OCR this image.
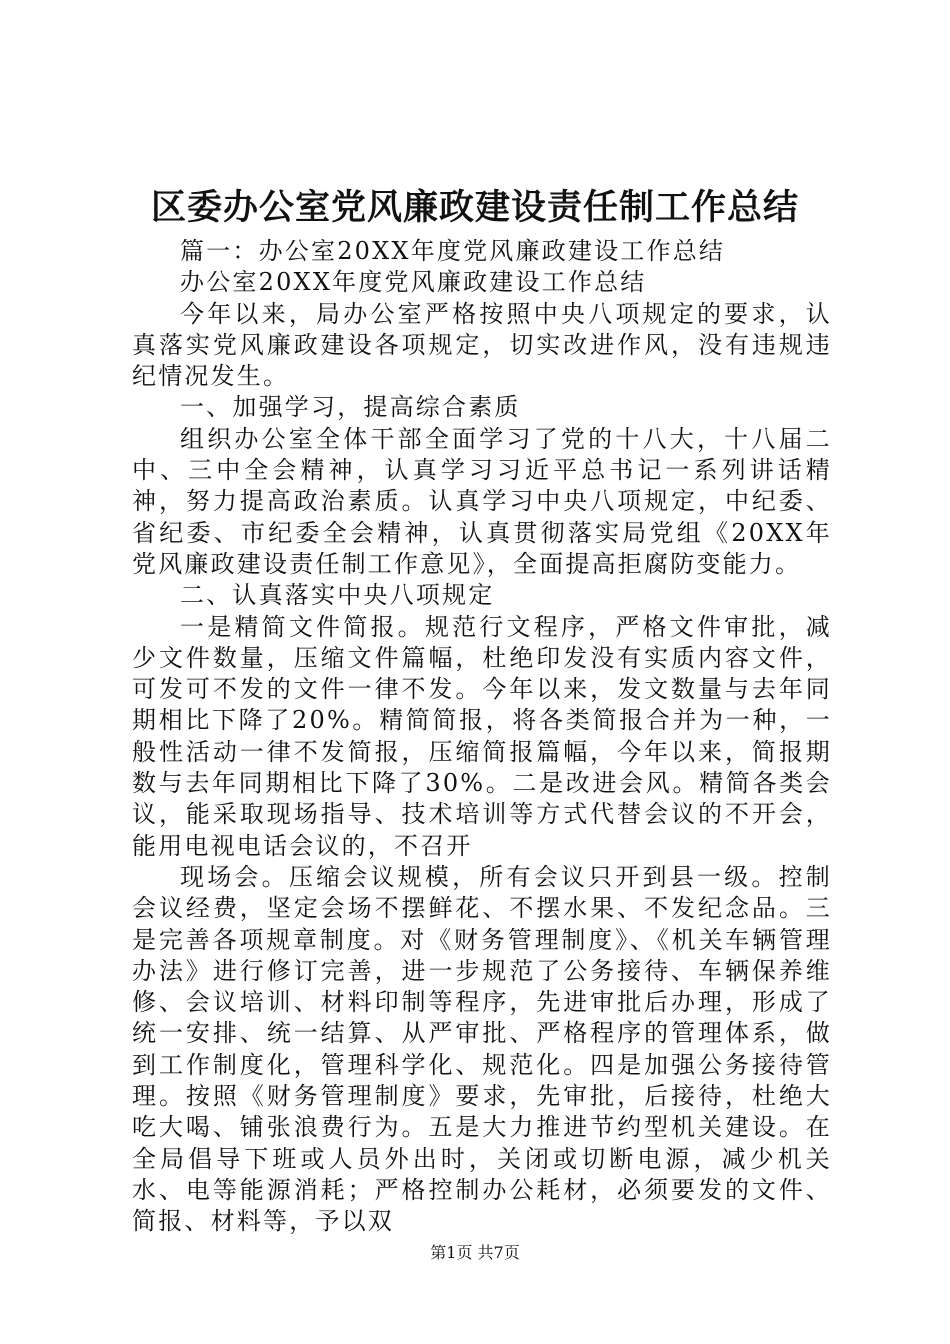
区委办公室党风廉政建设责任制工作总结

篇一：办公室20XX年度党风廉政建设工作总结

办公室20XX年度党风廉政建设工作总结

今年以来，局办公室严格按照中央八项规定的要求，认真落实党风廉政建设各项规定，切实改进作风，没有违规违纪情况发生。

一、加强学习，提高综合素质

组织办公室全体干部全面学习了党的十八大，十八届二中、三中全会精神，认真学习习近平总书记一系列讲话精神，努力提高政治素质。认真学习中央八项规定，中纪委、省纪委、市纪委全会精神，认真贯彻落实局党组《20XX年党风廉政建设责任制工作意见》，全面提高拒腐防变能力。

二、认真落实中央八项规定

一是精简文件简报。规范行文程序，严格文件审批，减少文件数量，压缩文件篇幅，杜绝印发没有实质内容文件，可发可不发的文件一律不发。今年以来，发文数量与去年同期相比下降了20%。精简简报，将各类简报合并为一种，一般性活动一律不发简报，压缩简报篇幅，今年以来，简报期数与去年同期相比下降了30%。二是改进会风。精简各类会议，能采取现场指导、技术培训等方式代替会议的不开会，能用电视电话会议的，不召开

现场会。压缩会议规模，所有会议只开到县一级。控制会议经费，坚定会场不摆鲜花、不摆水果、不发纪念品。三是完善各项规章制度。对《财务管理制度》、《机关车辆管理办法》进行修订完善，进一步规范了公务接待、车辆保养维修、会议培训、材料印制等程序，先进审批后办理，形成了统一安排、统一结算、从严审批、严格程序的管理体系，做到工作制度化，管理科学化、规范化。四是加强公务接待管理。按照《财务管理制度》要求，先审批，后接待，杜绝大吃大喝、铺张浪费行为。五是大力推进节约型机关建设。在全局倡导下班或人员外出时，关闭或切断电源，减少机关水、电等能源消耗；严格控制办公耗材，必须要发的文件、简报、材料等，予以双

第1页 共7页
